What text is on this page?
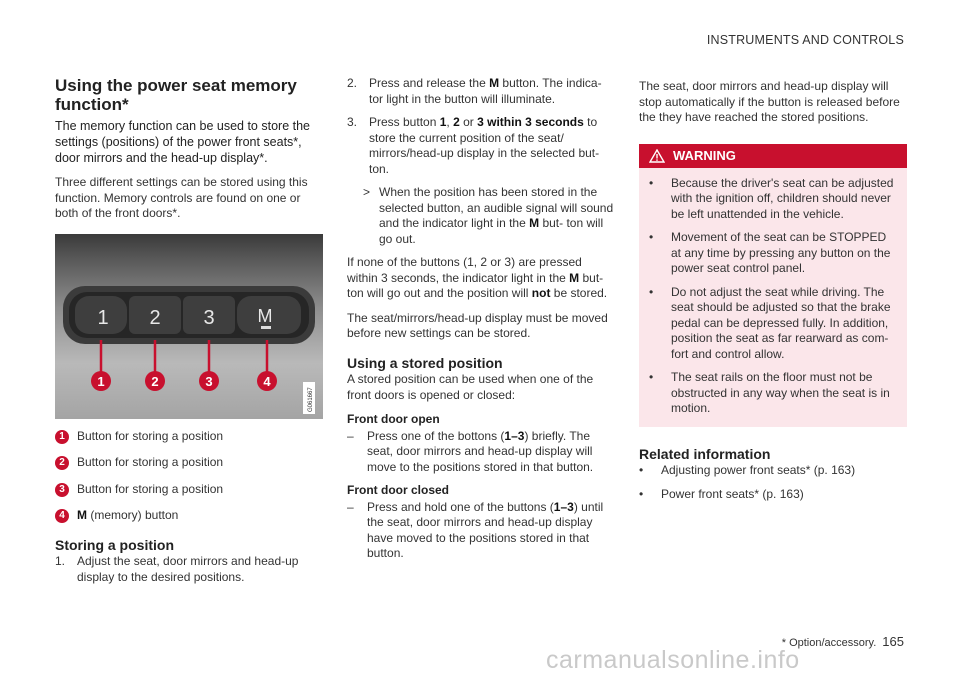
INSTRUMENTS AND CONTROLS
Using the power seat memory function*

The memory function can be used to store the settings (positions) of the power front seats*, door mirrors and the head-up display*.

Three different settings can be stored using this function. Memory controls are found on one or both of the front doors*.

1 2 3 M
1	2	3	4
G061667
1	Button for storing a position
2	Button for storing a position
3	Button for storing a position
4	M (memory) button
Storing a position
1. Adjust the seat, door mirrors and head-up display to the desired positions.
2. Press and release the M button. The indica- tor light in the button will illuminate.
3. Press button 1, 2 or 3 within 3 seconds to store the current position of the seat/ mirrors/head-up display in the selected but- ton.
> When the position has been stored in the selected button, an audible signal will sound and the indicator light in the M but- ton will go out.

If none of the buttons (1, 2 or 3) are pressed within 3 seconds, the indicator light in the M but- ton will go out and the position will not be stored.

The seat/mirrors/head-up display must be moved before new settings can be stored.

Using a stored position

A stored position can be used when one of the front doors is opened or closed:

Front door open
–	Press one of the bottons (1–3) briefly. The seat, door mirrors and head-up display will move to the positions stored in that button.
Front door closed
–	Press and hold one of the buttons (1–3) until the seat, door mirrors and head-up display have moved to the positions stored in that button.

The seat, door mirrors and head-up display will stop automatically if the button is released before the they have reached the stored positions.

WARNING
•	Because the driver's seat can be adjusted with the ignition off, children should never be left unattended in the vehicle.
•	Movement of the seat can be STOPPED at any time by pressing any button on the power seat control panel.
•	Do not adjust the seat while driving. The seat should be adjusted so that the brake pedal can be depressed fully. In addition, position the seat as far rearward as com- fort and control allow.
•	The seat rails on the floor must not be obstructed in any way when the seat is in motion.
Related information
•	Adjusting power front seats* (p. 163)
•	Power front seats* (p. 163)
* Option/accessory. 165
carmanualsonline.info
